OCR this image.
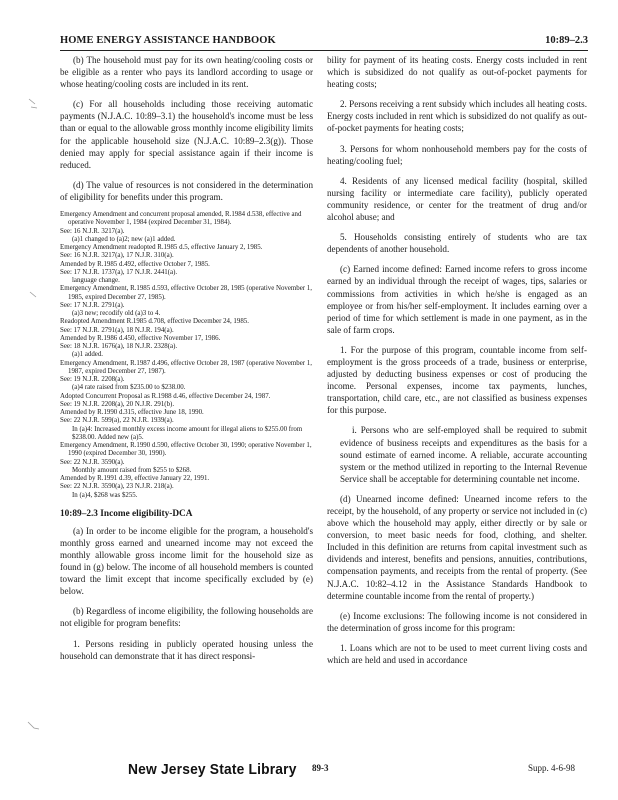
HOME ENERGY ASSISTANCE HANDBOOK	10:89–2.3

(b) The household must pay for its own heating/cooling costs or be eligible as a renter who pays its landlord according to usage or whose heating/cooling costs are included in its rent.

(c) For all households including those receiving automatic payments (N.J.A.C. 10:89–3.1) the household's income must be less than or equal to the allowable gross monthly income eligibility limits for the applicable household size (N.J.A.C. 10:89–2.3(g)). Those denied may apply for special assistance again if their income is reduced.

(d) The value of resources is not considered in the determination of eligibility for benefits under this program.

Emergency Amendment and concurrent proposal amended, R.1984 d.538, effective and operative November 1, 1984 (expired December 31, 1984).
See: 16 N.J.R. 3217(a).
(a)1 changed to (a)2; new (a)1 added.
Emergency Amendment readopted R.1985 d.5, effective January 2, 1985.
See: 16 N.J.R. 3217(a), 17 N.J.R. 310(a).
Amended by R.1985 d.492, effective October 7, 1985.
See: 17 N.J.R. 1737(a), 17 N.J.R. 2441(a).
language change.
Emergency Amendment, R.1985 d.593, effective October 28, 1985 (operative November 1, 1985, expired December 27, 1985).
See: 17 N.J.R. 2791(a).
(a)3 new; recodify old (a)3 to 4.
Readopted Amendment R.1985 d.708, effective December 24, 1985.
See: 17 N.J.R. 2791(a), 18 N.J.R. 194(a).
Amended by R.1986 d.450, effective November 17, 1986.
See: 18 N.J.R. 1676(a), 18 N.J.R. 2328(a).
(a)1 added.
Emergency Amendment, R.1987 d.496, effective October 28, 1987 (operative November 1, 1987, expired December 27, 1987).
See: 19 N.J.R. 2208(a).
(a)4 rate raised from $235.00 to $238.00.
Adopted Concurrent Proposal as R.1988 d.46, effective December 24, 1987.
See: 19 N.J.R. 2208(a), 20 N.J.R. 291(b).
Amended by R.1990 d.315, effective June 18, 1990.
See: 22 N.J.R. 599(a), 22 N.J.R. 1939(a).
In (a)4: Increased monthly excess income amount for illegal aliens to $255.00 from $238.00. Added new (a)5.
Emergency Amendment, R.1990 d.590, effective October 30, 1990; operative November 1, 1990 (expired December 30, 1990).
See: 22 N.J.R. 3590(a).
Monthly amount raised from $255 to $268.
Amended by R.1991 d.39, effective January 22, 1991.
See: 22 N.J.R. 3590(a), 23 N.J.R. 218(a).
In (a)4, $268 was $255.

10:89–2.3 Income eligibility-DCA

(a) In order to be income eligible for the program, a household's monthly gross earned and unearned income may not exceed the monthly allowable gross income limit for the household size as found in (g) below. The income of all household members is counted toward the limit except that income specifically excluded by (e) below.

(b) Regardless of income eligibility, the following households are not eligible for program benefits:

1. Persons residing in publicly operated housing unless the household can demonstrate that it has direct responsi-

bility for payment of its heating costs. Energy costs included in rent which is subsidized do not qualify as out-of-pocket payments for heating costs;

2. Persons receiving a rent subsidy which includes all heating costs. Energy costs included in rent which is subsidized do not qualify as out-of-pocket payments for heating costs;

3. Persons for whom nonhousehold members pay for the costs of heating/cooling fuel;

4. Residents of any licensed medical facility (hospital, skilled nursing facility or intermediate care facility), publicly operated community residence, or center for the treatment of drug and/or alcohol abuse; and

5. Households consisting entirely of students who are tax dependents of another household.

(c) Earned income defined: Earned income refers to gross income earned by an individual through the receipt of wages, tips, salaries or commissions from activities in which he/she is engaged as an employee or from his/her self-employment. It includes earning over a period of time for which settlement is made in one payment, as in the sale of farm crops.

1. For the purpose of this program, countable income from self-employment is the gross proceeds of a trade, business or enterprise, adjusted by deducting business expenses or cost of producing the income. Personal expenses, income tax payments, lunches, transportation, child care, etc., are not classified as business expenses for this purpose.

i. Persons who are self-employed shall be required to submit evidence of business receipts and expenditures as the basis for a sound estimate of earned income. A reliable, accurate accounting system or the method utilized in reporting to the Internal Revenue Service shall be acceptable for determining countable net income.

(d) Unearned income defined: Unearned income refers to the receipt, by the household, of any property or service not included in (c) above which the household may apply, either directly or by sale or conversion, to meet basic needs for food, clothing, and shelter. Included in this definition are returns from capital investment such as dividends and interest, benefits and pensions, annuities, contributions, compensation payments, and receipts from the rental of property. (See N.J.A.C. 10:82–4.12 in the Assistance Standards Handbook to determine countable income from the rental of property.)

(e) Income exclusions: The following income is not considered in the determination of gross income for this program:

1. Loans which are not to be used to meet current living costs and which are held and used in accordance

New Jersey State Library 89-3	Supp. 4-6-98
